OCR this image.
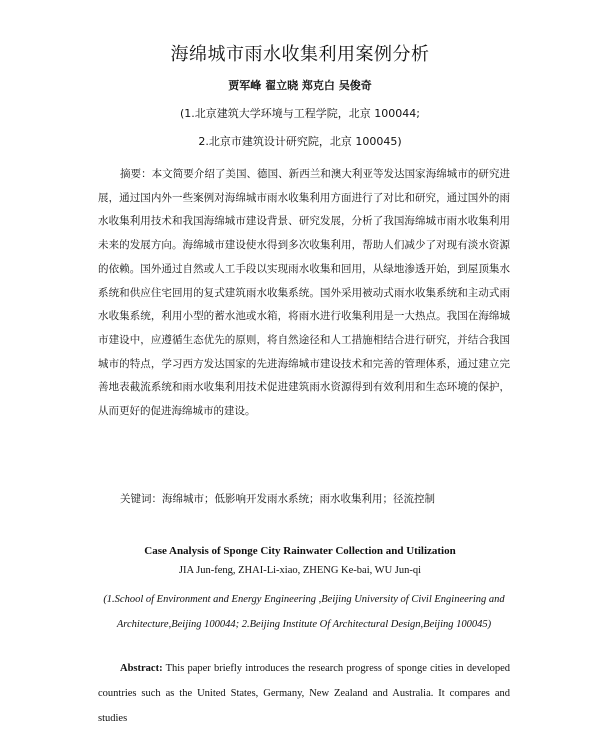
海绵城市雨水收集利用案例分析
贾军峰 翟立晓 郑克白 吴俊奇
(1.北京建筑大学环境与工程学院，北京 100044;
2.北京市建筑设计研究院，北京 100045)

摘要：本文简要介绍了美国、德国、新西兰和澳大利亚等发达国家海绵城市的研究进展，通过国内外一些案例对海绵城市雨水收集利用方面进行了对比和研究，通过国外的雨水收集利用技术和我国海绵城市建设背景、研究发展，分析了我国海绵城市雨水收集利用未来的发展方向。海绵城市建设使水得到多次收集利用，帮助人们减少了对现有淡水资源的依赖。国外通过自然或人工手段以实现雨水收集和回用，从绿地渗透开始，到屋顶集水系统和供应住宅回用的复式建筑雨水收集系统。国外采用被动式雨水收集系统和主动式雨水收集系统，利用小型的蓄水池或水箱，将雨水进行收集利用是一大热点。我国在海绵城市建设中，应遵循生态优先的原则，将自然途径和人工措施相结合进行研究，并结合我国城市的特点，学习西方发达国家的先进海绵城市建设技术和完善的管理体系，通过建立完善地表截流系统和雨水收集利用技术促进建筑雨水资源得到有效利用和生态环境的保护，从而更好的促进海绵城市的建设。

关键词：海绵城市；低影响开发雨水系统；雨水收集利用；径流控制
Case Analysis of Sponge City Rainwater Collection and Utilization
JIA Jun-feng, ZHAI-Li-xiao, ZHENG Ke-bai, WU Jun-qi

(1.School of Environment and Energy Engineering ,Beijing University of Civil Engineering and Architecture,Beijing 100044; 2.Beijing Institute Of Architectural Design,Beijing 100045)

Abstract: This paper briefly introduces the research progress of sponge cities in developed countries such as the United States, Germany, New Zealand and Australia. It compares and studies
